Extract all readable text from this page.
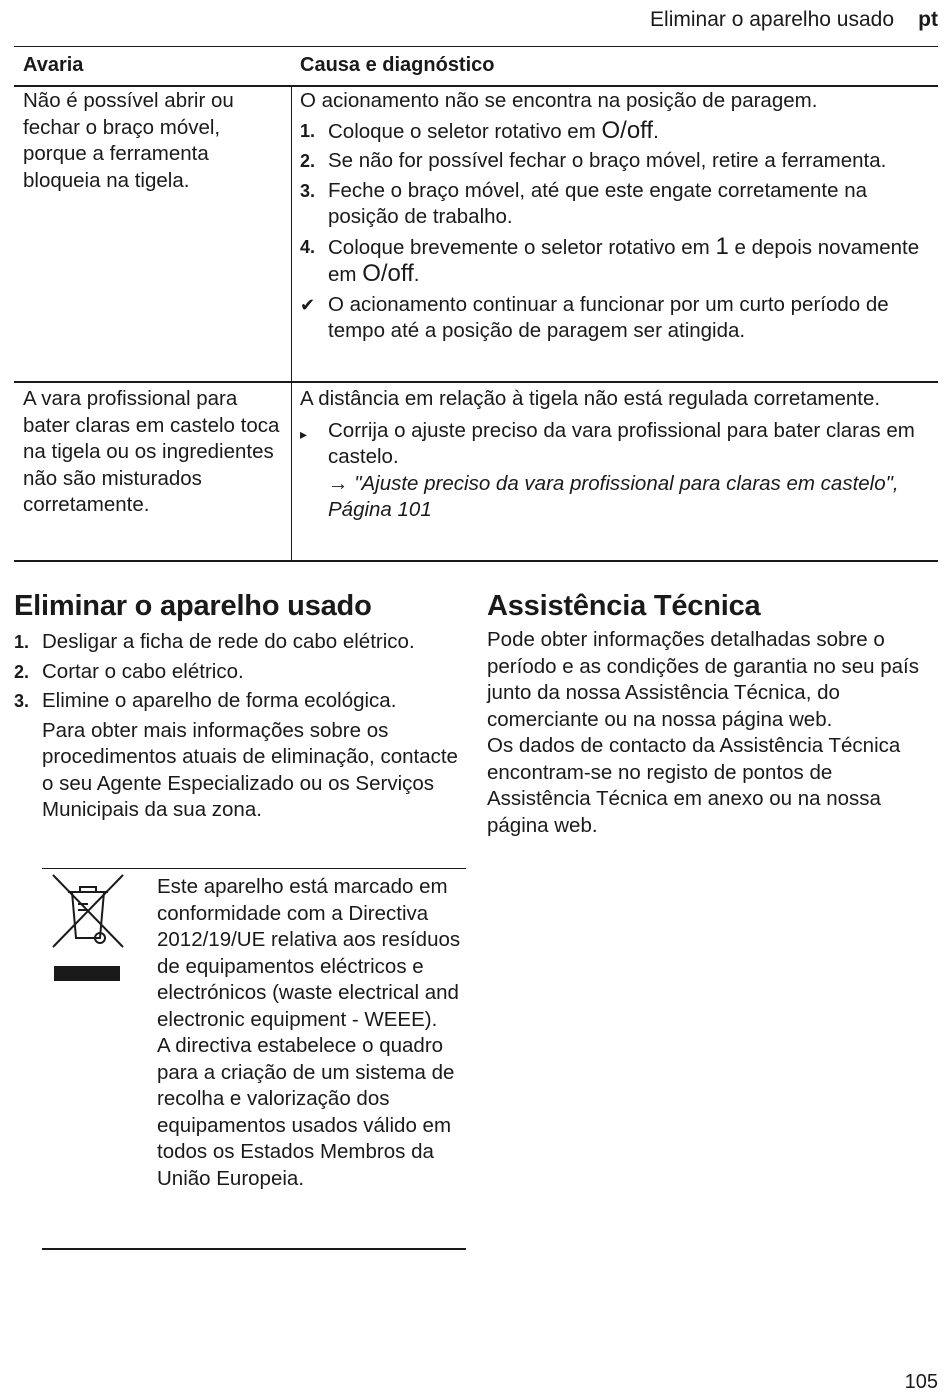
Eliminar o aparelho usado pt
Avaria	Causa e diagnóstico
Não é possível abrir ou fechar o braço móvel, porque a ferramenta bloqueia na tigela.
O acionamento não se encontra na posição de paragem.
1. Coloque o seletor rotativo em O/off.
2. Se não for possível fechar o braço móvel, retire a ferramenta.
3. Feche o braço móvel, até que este engate corretamente na posição de trabalho.
4. Coloque brevemente o seletor rotativo em 1 e depois novamente em O/off.
✔ O acionamento continuar a funcionar por um curto período de tempo até a posição de paragem ser atingida.
A vara profissional para bater claras em castelo toca na tigela ou os ingredientes não são misturados corretamente.
A distância em relação à tigela não está regulada corretamente.
▸ Corrija o ajuste preciso da vara profissional para bater claras em castelo.
→ "Ajuste preciso da vara profissional para claras em castelo", Página 101
Eliminar o aparelho usado
1. Desligar a ficha de rede do cabo elétrico.
2. Cortar o cabo elétrico.
3. Elimine o aparelho de forma ecológica.
Para obter mais informações sobre os procedimentos atuais de eliminação, contacte o seu Agente Especializado ou os Serviços Municipais da sua zona.
Este aparelho está marcado em conformidade com a Directiva 2012/19/UE relativa aos resíduos de equipamentos eléctricos e electrónicos (waste electrical and electronic equipment - WEEE).
A directiva estabelece o quadro para a criação de um sistema de recolha e valorização dos equipamentos usados válido em todos os Estados Membros da União Europeia.
Assistência Técnica
Pode obter informações detalhadas sobre o período e as condições de garantia no seu país junto da nossa Assistência Técnica, do comerciante ou na nossa página web.
Os dados de contacto da Assistência Técnica encontram-se no registo de pontos de Assistência Técnica em anexo ou na nossa página web.
105
